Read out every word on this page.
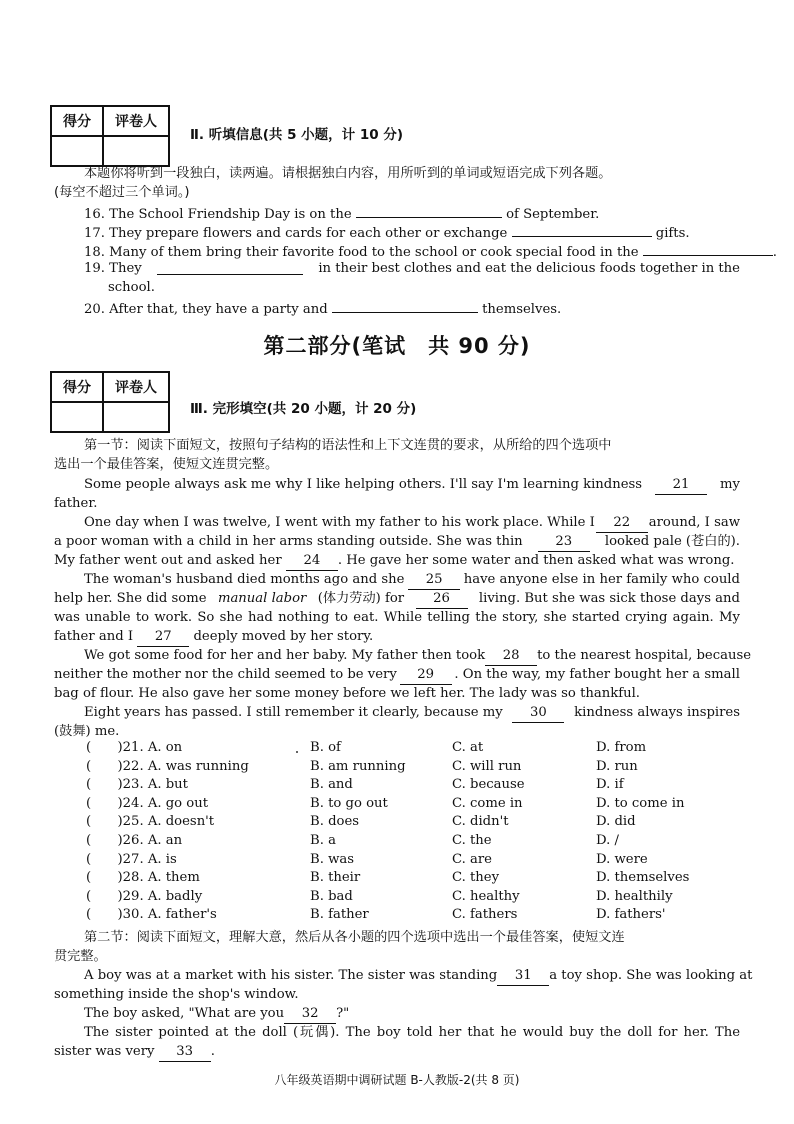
得分	评卷人

Ⅱ. 听填信息(共 5 小题，计 10 分)
本题你将听到一段独白，读两遍。请根据独白内容，用所听到的单词或短语完成下列各题。
(每空不超过三个单词。)
16. The School Friendship Day is on the	of September.
17. They prepare flowers and cards for each other or exchange	gifts.
18. Many of them bring their favorite food to the school or cook special food in the	.
19. They	in their best clothes and eat the delicious foods together in the
school.
20. After that, they have a party and	themselves.
第二部分(笔试　共 90 分)
得分	评卷人

Ⅲ. 完形填空(共 20 小题，计 20 分)
第一节：阅读下面短文，按照句子结构的语法性和上下文连贯的要求，从所给的四个选项中
选出一个最佳答案，使短文连贯完整。
Some people always ask me why I like helping others. I'll say I'm learning kindness	21	my
father.
One day when I was twelve, I went with my father to his work place. While I	22	around, I saw
a poor woman with a child in her arms standing outside. She was thin	23	looked pale (苍白的).
My father went out and asked her 24 . He gave her some water and then asked what was wrong.
The woman's husband died months ago and she	25	have anyone else in her family who could
help her. She did some manual labor (体力劳动) for	26	living. But she was sick those days and
was unable to work. So she had nothing to eat. While telling the story, she started crying again. My
father and I 27 deeply moved by her story.
We got some food for her and her baby. My father then took	28	to the nearest hospital, because
neither the mother nor the child seemed to be very	29	. On the way, my father bought her a small
bag of flour. He also gave her some money before we left her. The lady was so thankful.
Eight years has passed. I still remember it clearly, because my	30	kindness always inspires
(鼓舞) me.
(　　)21. A. on	B. of	C. at	D. from
(　　)22. A. was running	B. am running	C. will run	D. run
(　　)23. A. but	B. and	C. because	D. if
(　　)24. A. go out	B. to go out	C. come in	D. to come in
(　　)25. A. doesn't	B. does	C. didn't	D. did
(　　)26. A. an	B. a	C. the	D. /
(　　)27. A. is	B. was	C. are	D. were
(　　)28. A. them	B. their	C. they	D. themselves
(　　)29. A. badly	B. bad	C. healthy	D. healthily
(　　)30. A. father's	B. father	C. fathers	D. fathers'
第二节：阅读下面短文，理解大意，然后从各小题的四个选项中选出一个最佳答案，使短文连
贯完整。
A boy was at a market with his sister. The sister was standing	31	a toy shop. She was looking at
something inside the shop's window.
The boy asked, "What are you 32 ?"
The sister pointed at the doll (玩偶). The boy told her that he would buy the doll for her. The
sister was very 33 .
八年级英语期中调研试题 B-人教版-2(共 8 页)
